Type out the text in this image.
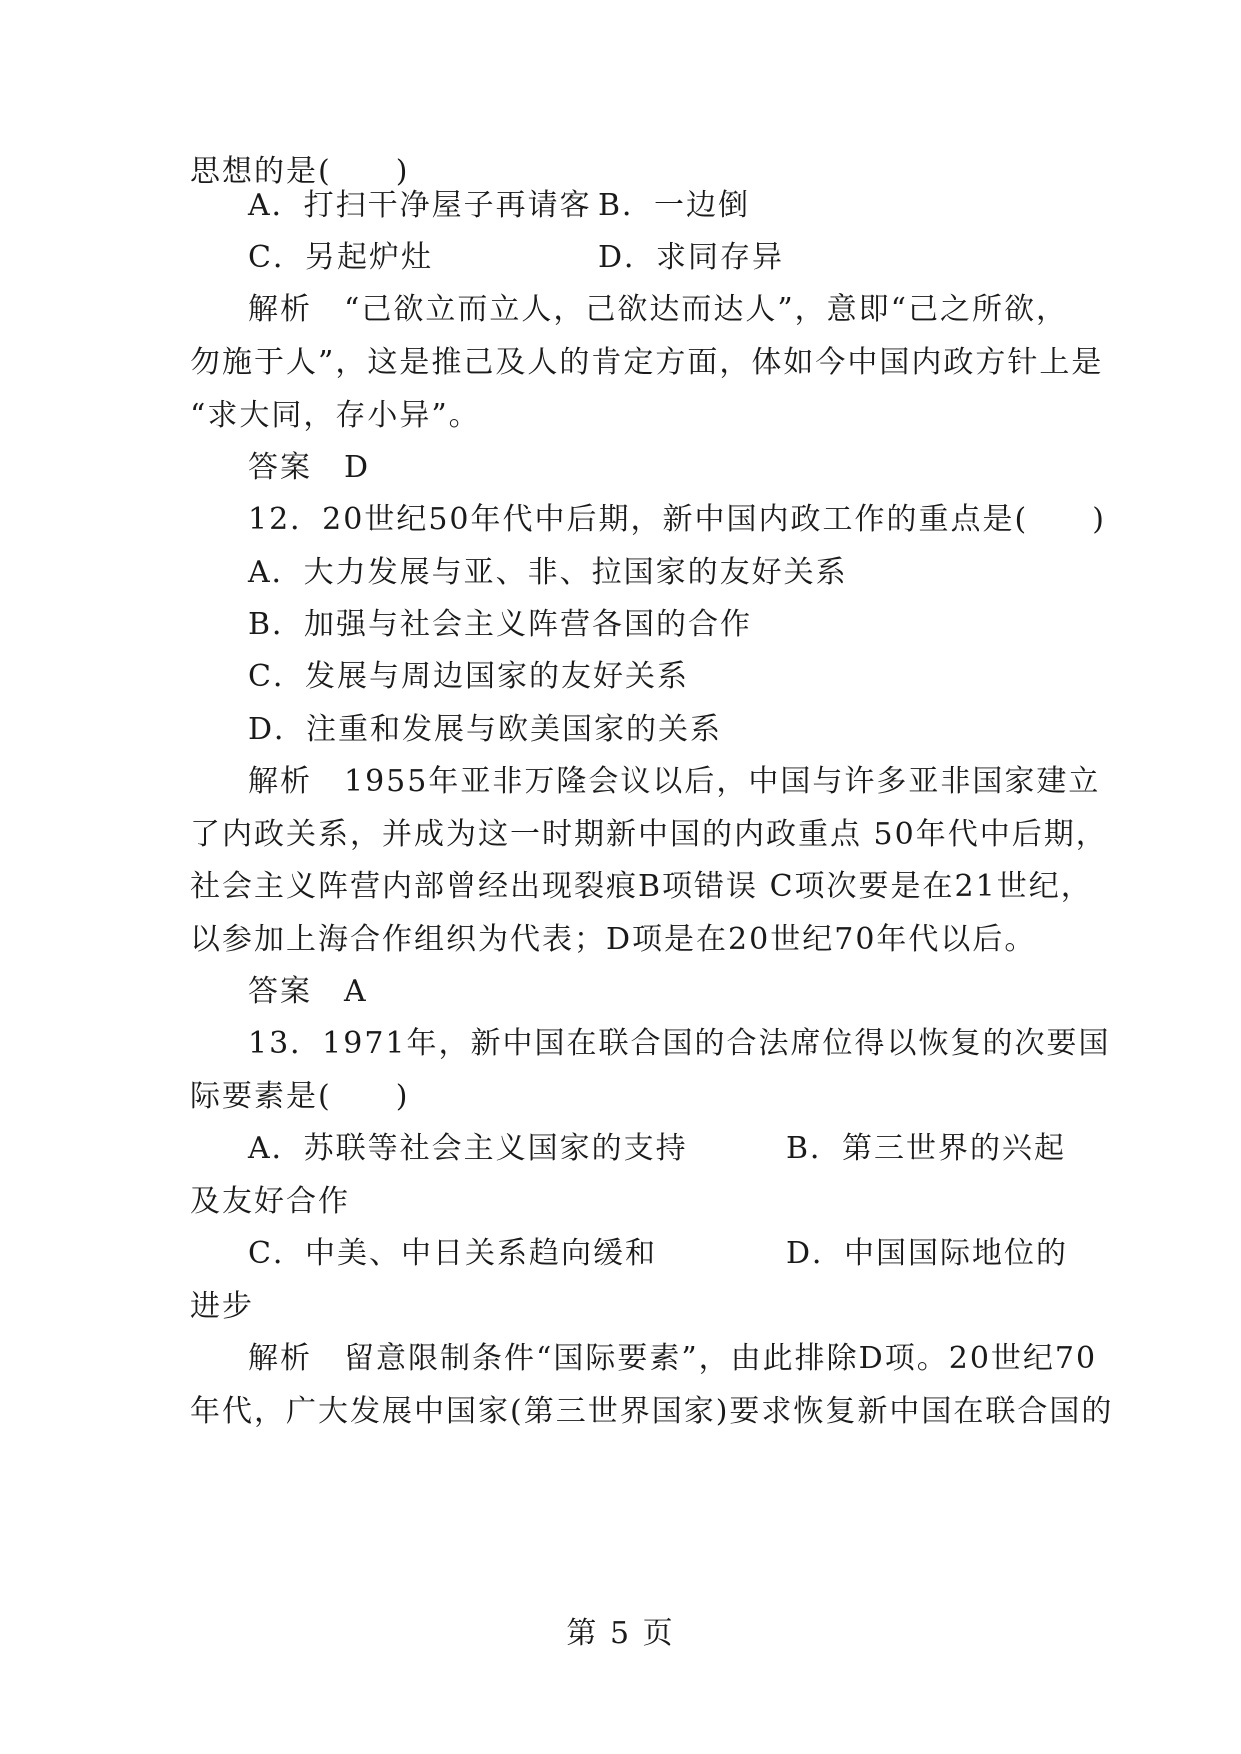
思想的是(　　)
A．打扫干净屋子再请客 B．一边倒
C．另起炉灶	D．求同存异
解析　“己欲立而立人，己欲达而达人”，意即“己之所欲，
勿施于人”，这是推己及人的肯定方面，体如今中国内政方针上是
“求大同，存小异”。
答案　D
12．20世纪50年代中后期，新中国内政工作的重点是(　　)
A．大力发展与亚、非、拉国家的友好关系
B．加强与社会主义阵营各国的合作
C．发展与周边国家的友好关系
D．注重和发展与欧美国家的关系
解析　1955年亚非万隆会议以后，中国与许多亚非国家建立
了内政关系，并成为这一时期新中国的内政重点 50年代中后期，
社会主义阵营内部曾经出现裂痕B项错误 C项次要是在21世纪，
以参加上海合作组织为代表；D项是在20世纪70年代以后。
答案　A
13．1971年，新中国在联合国的合法席位得以恢复的次要国
际要素是(　　)
A．苏联等社会主义国家的支持	B．第三世界的兴起
及友好合作
C．中美、中日关系趋向缓和	D．中国国际地位的
进步
解析　留意限制条件“国际要素”，由此排除D项。20世纪70
年代，广大发展中国家(第三世界国家)要求恢复新中国在联合国的
第 5 页
